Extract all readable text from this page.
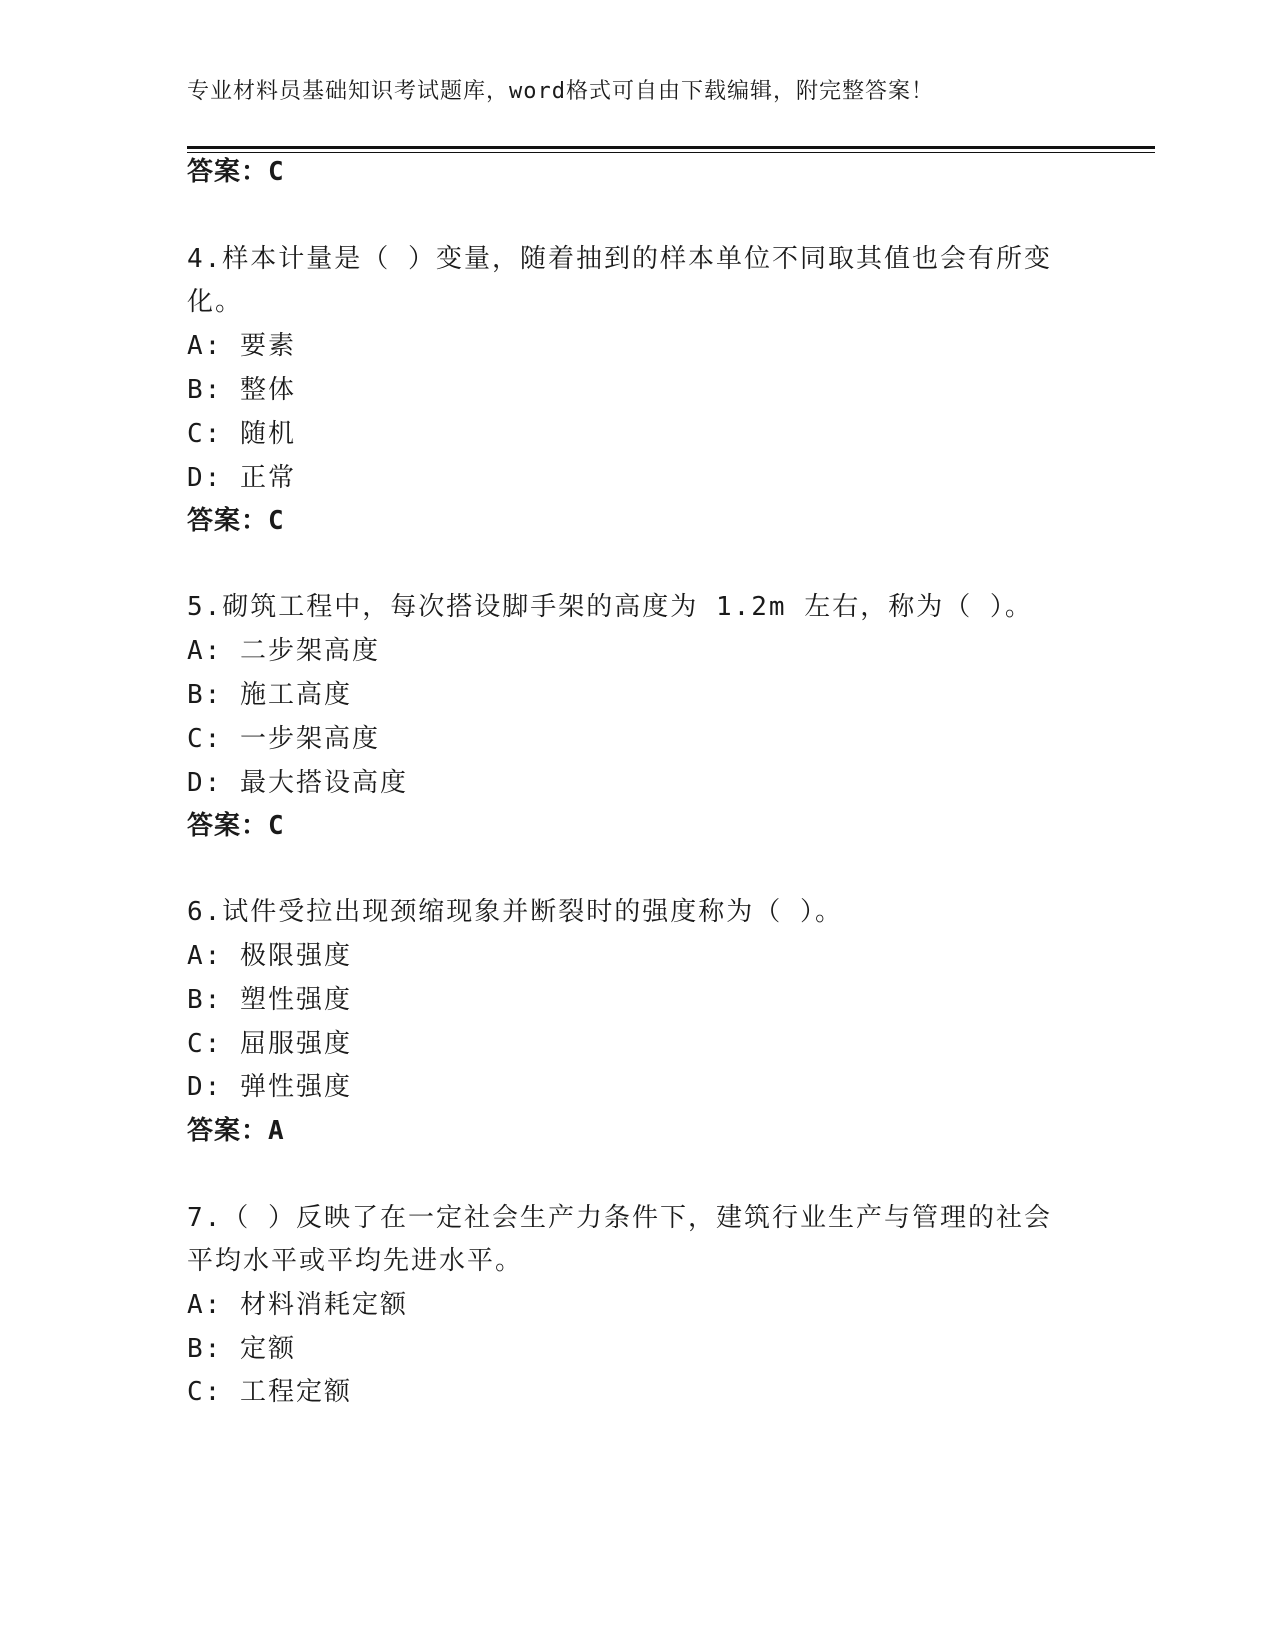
专业材料员基础知识考试题库，word格式可自由下载编辑，附完整答案！
答案：C
4.样本计量是（ ）变量，随着抽到的样本单位不同取其值也会有所变
化。
A: 要素
B: 整体
C: 随机
D: 正常
答案：C
5.砌筑工程中，每次搭设脚手架的高度为 1.2m 左右，称为（ ）。
A: 二步架高度
B: 施工高度
C: 一步架高度
D: 最大搭设高度
答案：C
6.试件受拉出现颈缩现象并断裂时的强度称为（ ）。
A: 极限强度
B: 塑性强度
C: 屈服强度
D: 弹性强度
答案：A
7.（ ）反映了在一定社会生产力条件下，建筑行业生产与管理的社会
平均水平或平均先进水平。
A: 材料消耗定额
B: 定额
C: 工程定额
